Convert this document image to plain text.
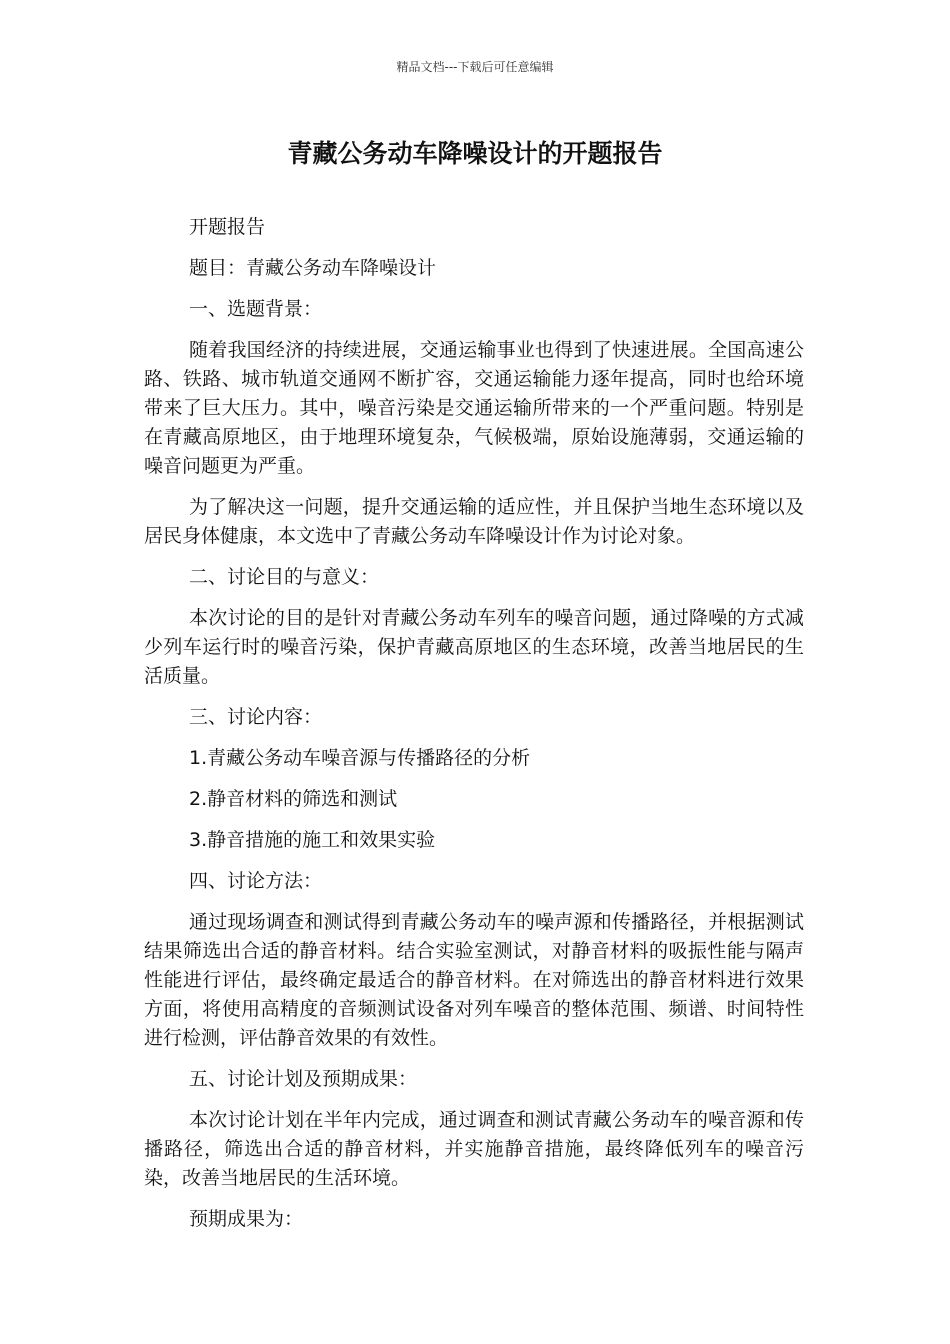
精品文档---下载后可任意编辑
青藏公务动车降噪设计的开题报告

开题报告

题目：青藏公务动车降噪设计

一、选题背景：

随着我国经济的持续进展，交通运输事业也得到了快速进展。全国高速公路、铁路、城市轨道交通网不断扩容，交通运输能力逐年提高，同时也给环境带来了巨大压力。其中，噪音污染是交通运输所带来的一个严重问题。特别是在青藏高原地区，由于地理环境复杂，气候极端，原始设施薄弱，交通运输的噪音问题更为严重。

为了解决这一问题，提升交通运输的适应性，并且保护当地生态环境以及居民身体健康，本文选中了青藏公务动车降噪设计作为讨论对象。

二、讨论目的与意义：

本次讨论的目的是针对青藏公务动车列车的噪音问题，通过降噪的方式减少列车运行时的噪音污染，保护青藏高原地区的生态环境，改善当地居民的生活质量。

三、讨论内容：

1.青藏公务动车噪音源与传播路径的分析

2.静音材料的筛选和测试

3.静音措施的施工和效果实验

四、讨论方法：

通过现场调查和测试得到青藏公务动车的噪声源和传播路径，并根据测试结果筛选出合适的静音材料。结合实验室测试，对静音材料的吸振性能与隔声性能进行评估，最终确定最适合的静音材料。在对筛选出的静音材料进行效果方面，将使用高精度的音频测试设备对列车噪音的整体范围、频谱、时间特性进行检测，评估静音效果的有效性。

五、讨论计划及预期成果：

本次讨论计划在半年内完成，通过调查和测试青藏公务动车的噪音源和传播路径，筛选出合适的静音材料，并实施静音措施，最终降低列车的噪音污染，改善当地居民的生活环境。

预期成果为：
